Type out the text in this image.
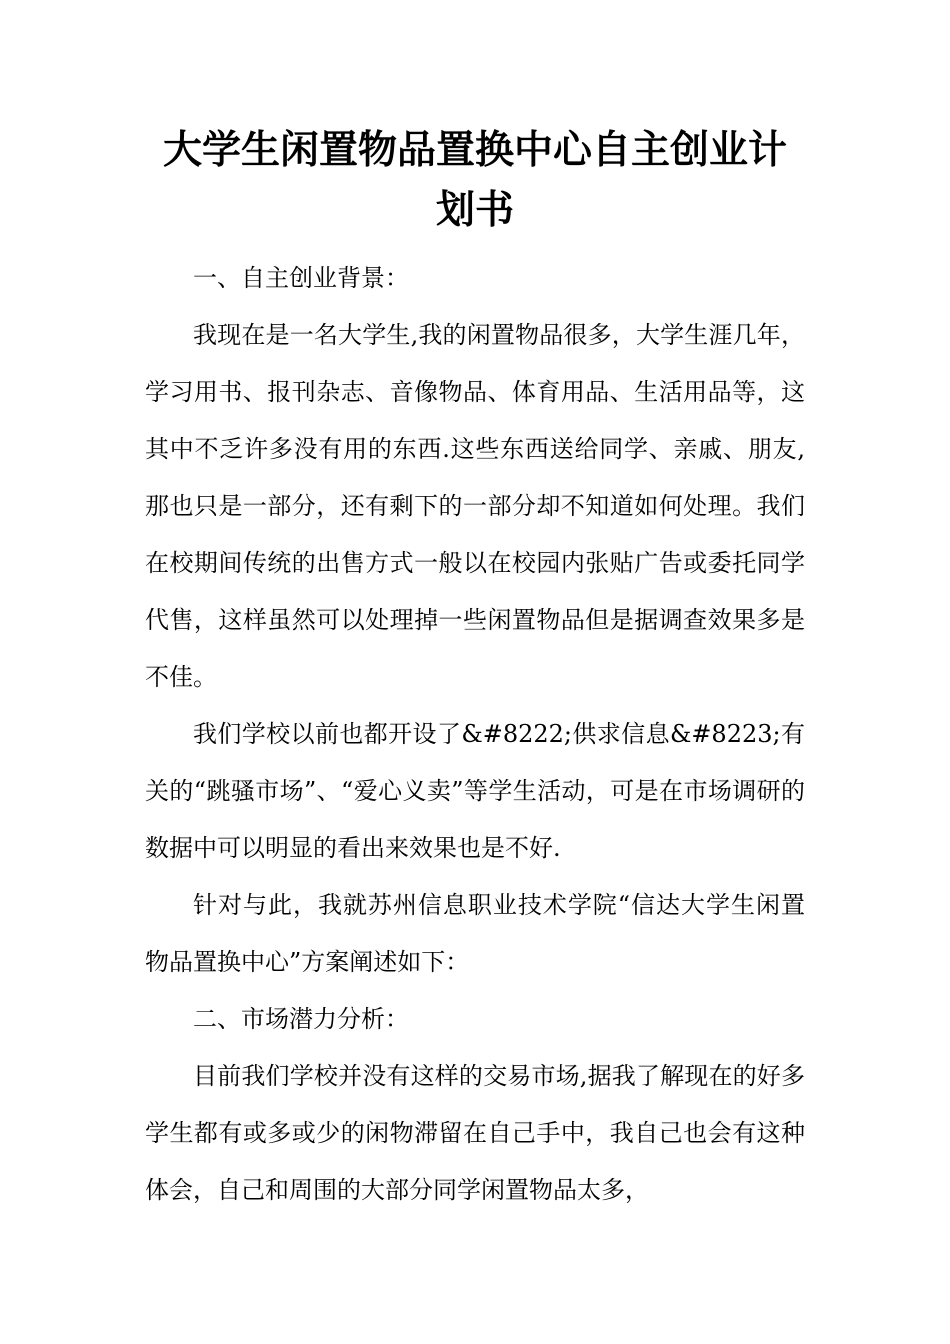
大学生闲置物品置换中心自主创业计划书

一、自主创业背景：

我现在是一名大学生,我的闲置物品很多，大学生涯几年，学习用书、报刊杂志、音像物品、体育用品、生活用品等，这其中不乏许多没有用的东西.这些东西送给同学、亲戚、朋友,那也只是一部分，还有剩下的一部分却不知道如何处理。我们在校期间传统的出售方式一般以在校园内张贴广告或委托同学代售，这样虽然可以处理掉一些闲置物品但是据调查效果多是不佳。

我们学校以前也都开设了&#8222;供求信息&#8223;有关的“跳骚市场”、“爱心义卖”等学生活动，可是在市场调研的数据中可以明显的看出来效果也是不好.

针对与此，我就苏州信息职业技术学院“信达大学生闲置物品置换中心”方案阐述如下：

二、市场潜力分析：

目前我们学校并没有这样的交易市场,据我了解现在的好多学生都有或多或少的闲物滞留在自己手中，我自己也会有这种体会，自己和周围的大部分同学闲置物品太多，
